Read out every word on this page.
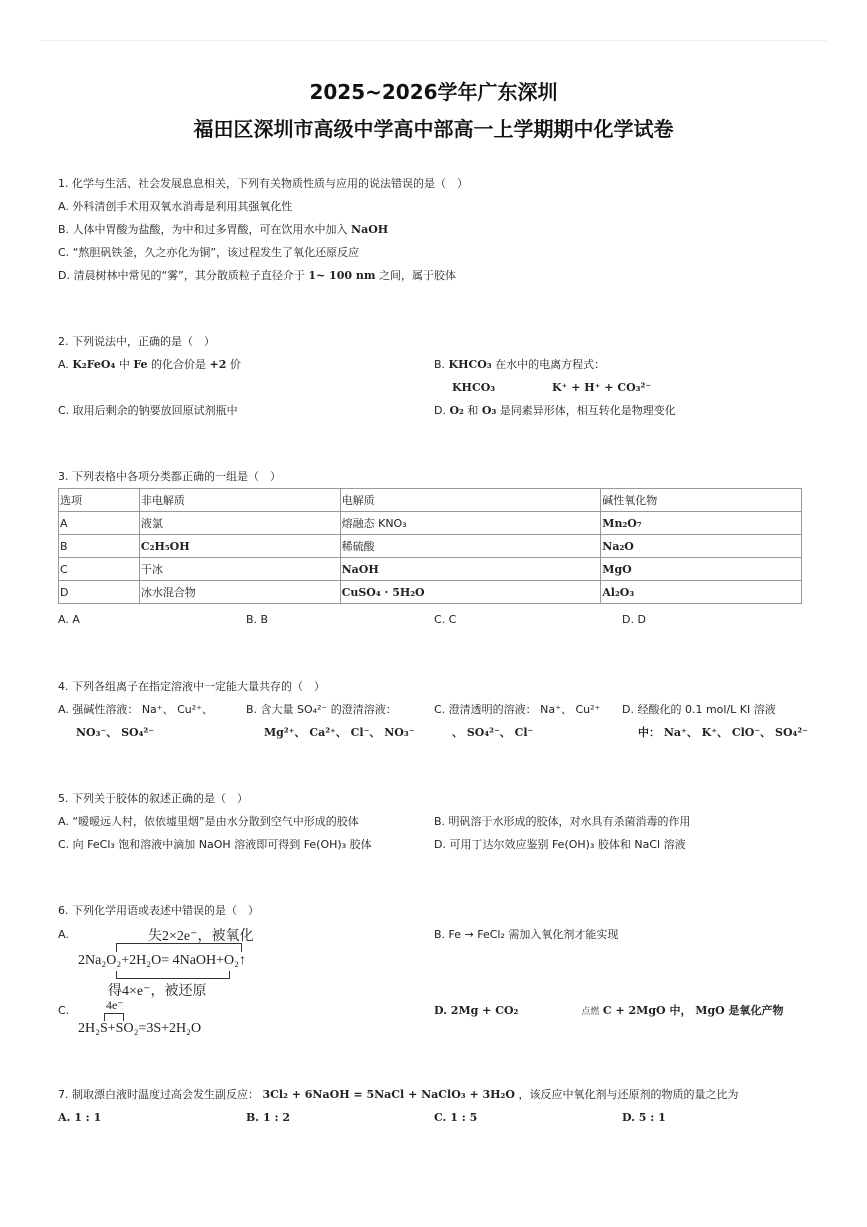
2025~2026学年广东深圳
福田区深圳市高级中学高中部高一上学期期中化学试卷
1. 化学与生活、社会发展息息相关，下列有关物质性质与应用的说法错误的是（　）
A. 外科清创手术用双氧水消毒是利用其强氧化性
B. 人体中胃酸为盐酸，为中和过多胃酸，可在饮用水中加入 NaOH
C. “熬胆矾铁釜，久之亦化为铜”，该过程发生了氧化还原反应
D. 清晨树林中常见的“雾”，其分散质粒子直径介于 1~ 100 nm 之间，属于胶体
2. 下列说法中，正确的是（　）
A. K₂FeO₄ 中 Fe 的化合价是 +2 价	B. KHCO₃ 在水中的电离方程式：
KHCO₃	K⁺ + H⁺ + CO₃²⁻
C. 取用后剩余的钠要放回原试剂瓶中	D. O₂ 和 O₃ 是同素异形体，相互转化是物理变化
3. 下列表格中各项分类都正确的一组是（　）
选项	非电解质	电解质	碱性氧化物
A	液氯	熔融态 KNO₃	Mn₂O₇
B	C₂H₅OH	稀硫酸	Na₂O
C	干冰	NaOH	MgO
D	冰水混合物	CuSO₄ · 5H₂O	Al₂O₃
A. A	B. B	C. C	D. D
4. 下列各组离子在指定溶液中一定能大量共存的（　）
A. 强碱性溶液： Na⁺、 Cu²⁺、
NO₃⁻、 SO₄²⁻
B. 含大量 SO₄²⁻ 的澄清溶液：
Mg²⁺、 Ca²⁺、 Cl⁻、 NO₃⁻
C. 澄清透明的溶液： Na⁺、 Cu²⁺
、 SO₄²⁻、 Cl⁻
D. 经酸化的 0.1 mol/L KI 溶液
中： Na⁺、 K⁺、 ClO⁻、 SO₄²⁻
5. 下列关于胶体的叙述正确的是（　）
A. “暧暧远人村，依依墟里烟”是由水分散到空气中形成的胶体	B. 明矾溶于水形成的胶体，对水具有杀菌消毒的作用
C. 向 FeCl₃ 饱和溶液中滴加 NaOH 溶液即可得到 Fe(OH)₃ 胶体	D. 可用丁达尔效应鉴别 Fe(OH)₃ 胶体和 NaCl 溶液
6. 下列化学用语或表述中错误的是（　）
A.	失2×2e⁻，被氧化
2Na₂O₂+2H₂O= 4NaOH+O₂↑
得4×e⁻，被还原
B. Fe → FeCl₂ 需加入氧化剂才能实现
C.	4e⁻
2H₂S+SO₂=3S+2H₂O
D. 2Mg + CO₂	点燃 C + 2MgO 中， MgO 是氧化产物
7. 制取漂白液时温度过高会发生副反应： 3Cl₂ + 6NaOH = 5NaCl + NaClO₃ + 3H₂O ，该反应中氧化剂与还原剂的物质的量之比为
A. 1 : 1	B. 1 : 2	C. 1 : 5	D. 5 : 1
